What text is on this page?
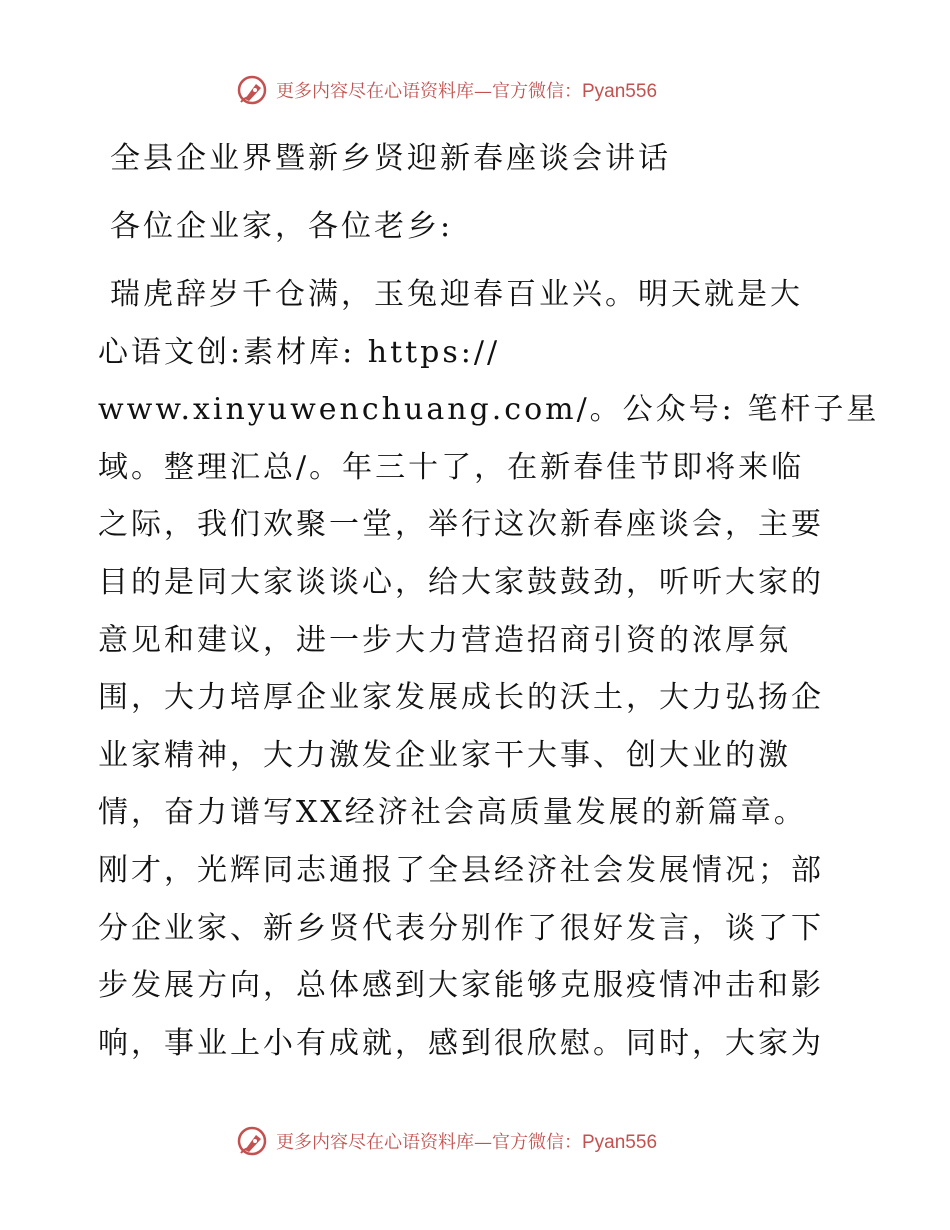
更多内容尽在心语资料库—官方微信：Pyan556
全县企业界暨新乡贤迎新春座谈会讲话
各位企业家，各位老乡:
瑞虎辞岁千仓满，玉兔迎春百业兴。明天就是大
心语文创:素材库: https://
www.xinyuwenchuang.com/。公众号: 笔杆子星
域。整理汇总/。年三十了，在新春佳节即将来临
之际，我们欢聚一堂，举行这次新春座谈会，主要
目的是同大家谈谈心，给大家鼓鼓劲，听听大家的
意见和建议，进一步大力营造招商引资的浓厚氛
围，大力培厚企业家发展成长的沃土，大力弘扬企
业家精神，大力激发企业家干大事、创大业的激
情，奋力谱写XX经济社会高质量发展的新篇章。
刚才，光辉同志通报了全县经济社会发展情况；部
分企业家、新乡贤代表分别作了很好发言，谈了下
步发展方向，总体感到大家能够克服疫情冲击和影
响，事业上小有成就，感到很欣慰。同时，大家为
更多内容尽在心语资料库—官方微信：Pyan556
